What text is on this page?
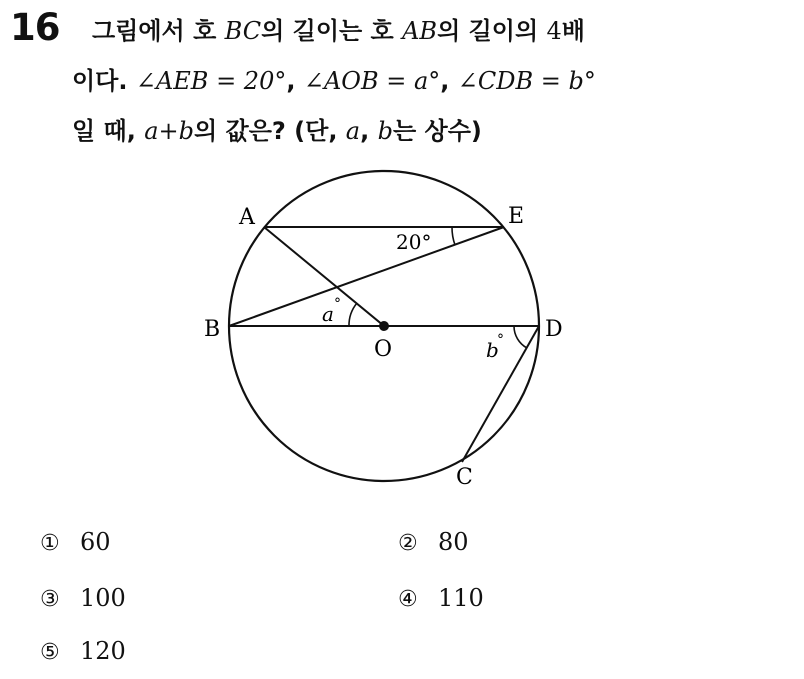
16 그림에서 호 BC의 길이는 호 AB의 길이의 4배
이다. ∠AEB = 20°, ∠AOB = a°, ∠CDB = b°
일 때, a+b의 값은? (단, a, b는 상수)
A	E
B
O
D
C
20°
a °
b
°
① 60	② 80
③ 100	④ 110
⑤ 120
